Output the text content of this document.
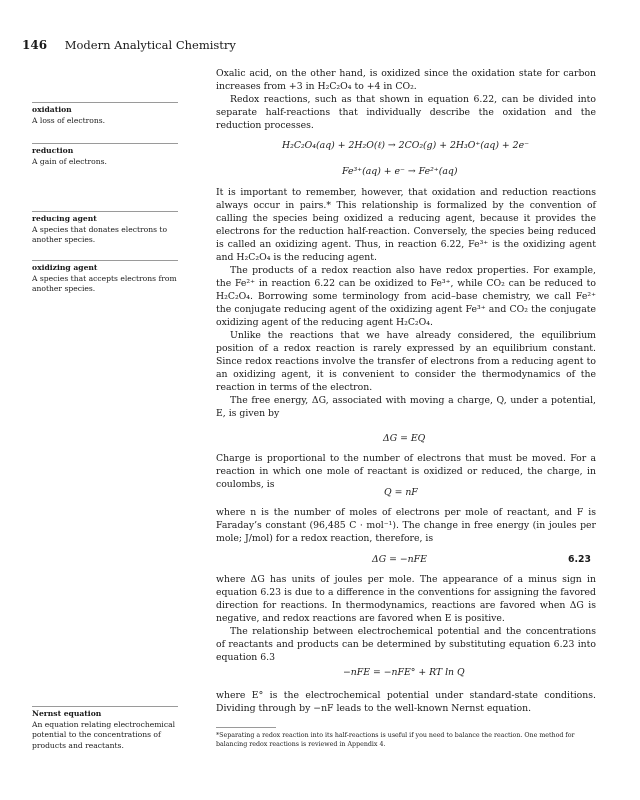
146 Modern Analytical Chemistry
oxidation
A loss of electrons.
reduction
A gain of electrons.
reducing agent
A species that donates electrons to another species.
oxidizing agent
A species that accepts electrons from another species.
Nernst equation
An equation relating electrochemical potential to the concentrations of products and reactants.

Oxalic acid, on the other hand, is oxidized since the oxidation state for carbon increases from +3 in H₂C₂O₄ to +4 in CO₂.

Redox reactions, such as that shown in equation 6.22, can be divided into separate half-reactions that individually describe the oxidation and the reduction processes.

H₂C₂O₄(aq) + 2H₂O(ℓ) → 2CO₂(g) + 2H₃O⁺(aq) + 2e⁻
Fe³⁺(aq) + e⁻ → Fe²⁺(aq)

It is important to remember, however, that oxidation and reduction reactions always occur in pairs.* This relationship is formalized by the convention of calling the species being oxidized a reducing agent, because it provides the electrons for the reduction half-reaction. Conversely, the species being reduced is called an oxidizing agent. Thus, in reaction 6.22, Fe³⁺ is the oxidizing agent and H₂C₂O₄ is the reducing agent.

The products of a redox reaction also have redox properties. For example, the Fe²⁺ in reaction 6.22 can be oxidized to Fe³⁺, while CO₂ can be reduced to H₂C₂O₄. Borrowing some terminology from acid–base chemistry, we call Fe²⁺ the conjugate reducing agent of the oxidizing agent Fe³⁺ and CO₂ the conjugate oxidizing agent of the reducing agent H₂C₂O₄.

Unlike the reactions that we have already considered, the equilibrium position of a redox reaction is rarely expressed by an equilibrium constant. Since redox reactions involve the transfer of electrons from a reducing agent to an oxidizing agent, it is convenient to consider the thermodynamics of the reaction in terms of the electron.

The free energy, ΔG, associated with moving a charge, Q, under a potential, E, is given by

ΔG = EQ

Charge is proportional to the number of electrons that must be moved. For a reaction in which one mole of reactant is oxidized or reduced, the charge, in coulombs, is

Q = nF

where n is the number of moles of electrons per mole of reactant, and F is Faraday’s constant (96,485 C · mol⁻¹). The change in free energy (in joules per mole; J/mol) for a redox reaction, therefore, is

ΔG = −nFE	6.23

where ΔG has units of joules per mole. The appearance of a minus sign in equation 6.23 is due to a difference in the conventions for assigning the favored direction for reactions. In thermodynamics, reactions are favored when ΔG is negative, and redox reactions are favored when E is positive.

The relationship between electrochemical potential and the concentrations of reactants and products can be determined by substituting equation 6.23 into equation 6.3

−nFE = −nFE° + RT ln Q

where E° is the electrochemical potential under standard-state conditions. Dividing through by −nF leads to the well-known Nernst equation.

*Separating a redox reaction into its half-reactions is useful if you need to balance the reaction. One method for balancing redox reactions is reviewed in Appendix 4.
